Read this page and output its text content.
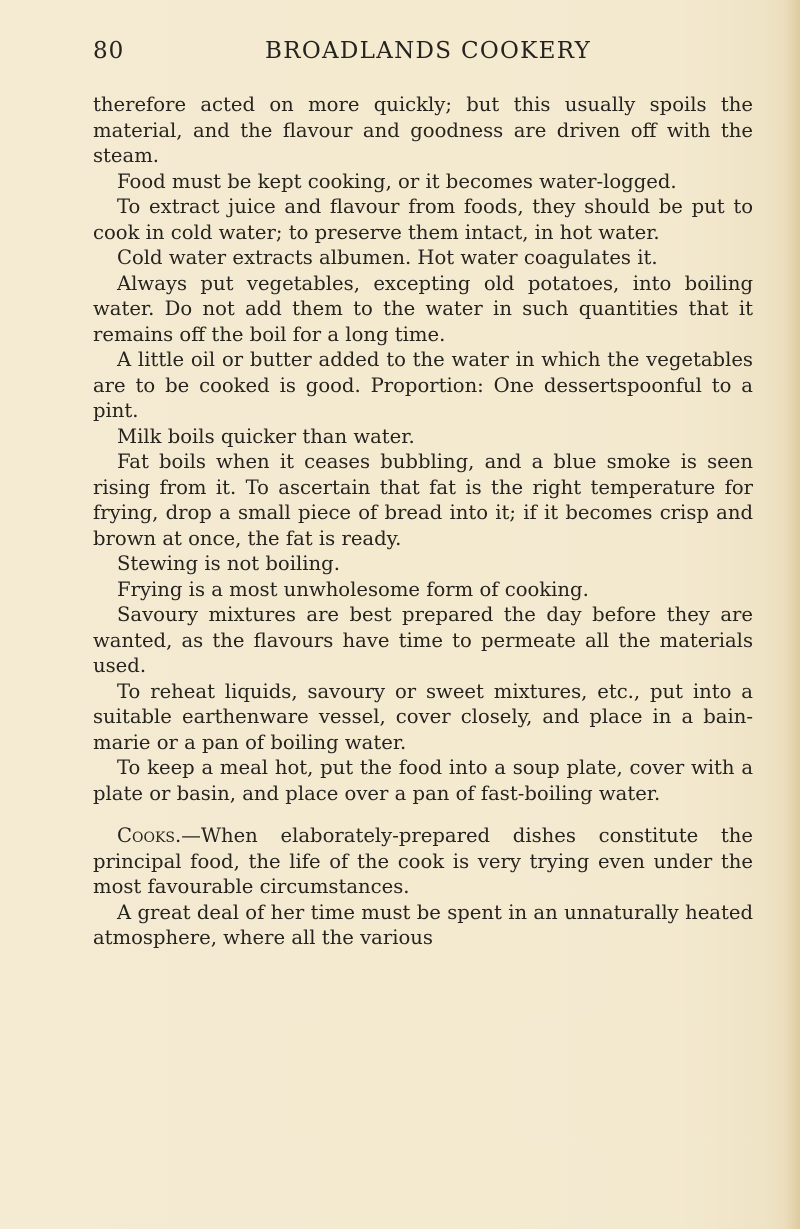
80	BROADLANDS COOKERY

therefore acted on more quickly; but this usually spoils the material, and the flavour and goodness are driven off with the steam.

Food must be kept cooking, or it becomes water-logged.

To extract juice and flavour from foods, they should be put to cook in cold water; to preserve them intact, in hot water.

Cold water extracts albumen. Hot water coagulates it.

Always put vegetables, excepting old potatoes, into boiling water. Do not add them to the water in such quantities that it remains off the boil for a long time.

A little oil or butter added to the water in which the vegetables are to be cooked is good. Proportion: One dessertspoonful to a pint.

Milk boils quicker than water.

Fat boils when it ceases bubbling, and a blue smoke is seen rising from it. To ascertain that fat is the right temperature for frying, drop a small piece of bread into it; if it becomes crisp and brown at once, the fat is ready.

Stewing is not boiling.

Frying is a most unwholesome form of cooking.

Savoury mixtures are best prepared the day before they are wanted, as the flavours have time to permeate all the materials used.

To reheat liquids, savoury or sweet mixtures, etc., put into a suitable earthenware vessel, cover closely, and place in a bain-marie or a pan of boiling water.

To keep a meal hot, put the food into a soup plate, cover with a plate or basin, and place over a pan of fast-boiling water.

Cooks.—When elaborately-prepared dishes constitute the principal food, the life of the cook is very trying even under the most favourable circumstances.

A great deal of her time must be spent in an unnaturally heated atmosphere, where all the various
